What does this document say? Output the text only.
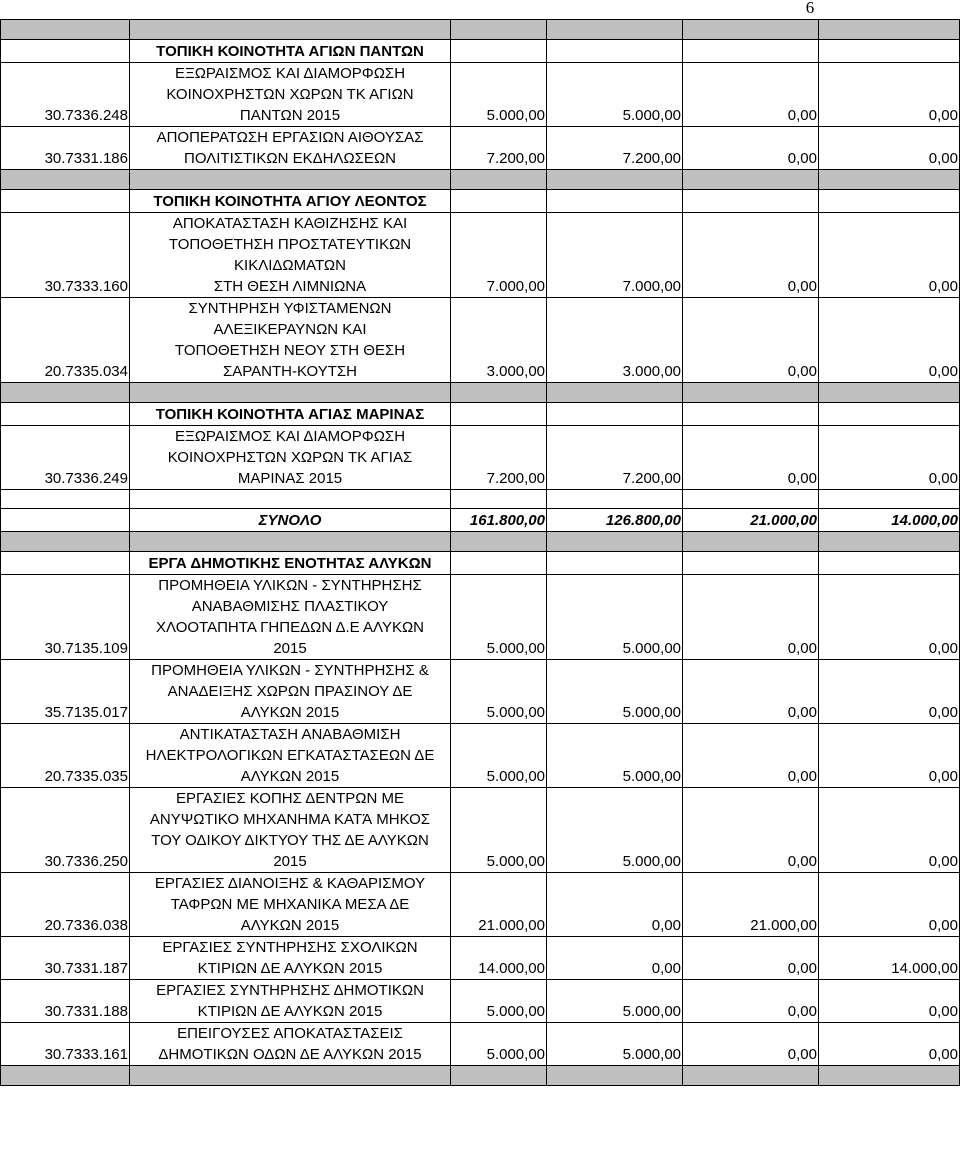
6

	ΤΟΠΙΚΗ ΚΟΙΝΟΤΗΤΑ ΑΓΙΩΝ ΠΑΝΤΩΝ				
30.7336.248	ΕΞΩΡΑΙΣΜΟΣ ΚΑΙ ΔΙΑΜΟΡΦΩΣΗ
ΚΟΙΝΟΧΡΗΣΤΩΝ ΧΩΡΩΝ ΤΚ ΑΓΙΩΝ
ΠΑΝΤΩΝ 2015	5.000,00	5.000,00	0,00	0,00
30.7331.186	ΑΠΟΠΕΡΑΤΩΣΗ ΕΡΓΑΣΙΩΝ ΑΙΘΟΥΣΑΣ
ΠΟΛΙΤΙΣΤΙΚΩΝ ΕΚΔΗΛΩΣΕΩΝ	7.200,00	7.200,00	0,00	0,00

	ΤΟΠΙΚΗ ΚΟΙΝΟΤΗΤΑ ΑΓΙΟΥ ΛΕΟΝΤΟΣ				
30.7333.160	ΑΠΟΚΑΤΑΣΤΑΣΗ ΚΑΘΙΖΗΣΗΣ ΚΑΙ
ΤΟΠΟΘΕΤΗΣΗ ΠΡΟΣΤΑΤΕΥΤΙΚΩΝ
ΚΙΚΛΙΔΩΜΑΤΩΝ
ΣΤΗ ΘΕΣΗ ΛΙΜΝΙΩΝΑ	7.000,00	7.000,00	0,00	0,00
20.7335.034	ΣΥΝΤΗΡΗΣΗ ΥΦΙΣΤΑΜΕΝΩΝ
ΑΛΕΞΙΚΕΡΑΥΝΩΝ ΚΑΙ
ΤΟΠΟΘΕΤΗΣΗ ΝΕΟΥ ΣΤΗ ΘΕΣΗ
ΣΑΡΑΝΤΗ-ΚΟΥΤΣΗ	3.000,00	3.000,00	0,00	0,00

	ΤΟΠΙΚΗ ΚΟΙΝΟΤΗΤΑ ΑΓΙΑΣ ΜΑΡΙΝΑΣ				
30.7336.249	ΕΞΩΡΑΙΣΜΟΣ ΚΑΙ ΔΙΑΜΟΡΦΩΣΗ
ΚΟΙΝΟΧΡΗΣΤΩΝ ΧΩΡΩΝ ΤΚ ΑΓΙΑΣ
ΜΑΡΙΝΑΣ 2015	7.200,00	7.200,00	0,00	0,00

	ΣΥΝΟΛΟ	161.800,00	126.800,00	21.000,00	14.000,00

	ΕΡΓΑ ΔΗΜΟΤΙΚΗΣ ΕΝΟΤΗΤΑΣ ΑΛΥΚΩΝ				
30.7135.109	ΠΡΟΜΗΘΕΙΑ ΥΛΙΚΩΝ - ΣΥΝΤΗΡΗΣΗΣ
ΑΝΑΒΑΘΜΙΣΗΣ ΠΛΑΣΤΙΚΟΥ
ΧΛΟΟΤΑΠΗΤΑ ΓΗΠΕΔΩΝ Δ.Ε ΑΛΥΚΩΝ
2015	5.000,00	5.000,00	0,00	0,00
35.7135.017	ΠΡΟΜΗΘΕΙΑ ΥΛΙΚΩΝ - ΣΥΝΤΗΡΗΣΗΣ &
ΑΝΑΔΕΙΞΗΣ ΧΩΡΩΝ ΠΡΑΣΙΝΟΥ ΔΕ
ΑΛΥΚΩΝ 2015	5.000,00	5.000,00	0,00	0,00
20.7335.035	ΑΝΤΙΚΑΤΑΣΤΑΣΗ ΑΝΑΒΑΘΜΙΣΗ
ΗΛΕΚΤΡΟΛΟΓΙΚΩΝ ΕΓΚΑΤΑΣΤΑΣΕΩΝ ΔΕ
ΑΛΥΚΩΝ 2015	5.000,00	5.000,00	0,00	0,00
30.7336.250	ΕΡΓΑΣΙΕΣ ΚΟΠΗΣ ΔΕΝΤΡΩΝ ΜΕ
ΑΝΥΨΩΤΙΚΟ ΜΗΧΑΝΗΜΑ ΚΑΤΆ ΜΗΚΟΣ
ΤΟΥ ΟΔΙΚΟΥ ΔΙΚΤΥΟΥ ΤΗΣ ΔΕ ΑΛΥΚΩΝ
2015	5.000,00	5.000,00	0,00	0,00
20.7336.038	ΕΡΓΑΣΙΕΣ ΔΙΑΝΟΙΞΗΣ & ΚΑΘΑΡΙΣΜΟΥ
ΤΑΦΡΩΝ ΜΕ ΜΗΧΑΝΙΚΑ ΜΕΣΑ ΔΕ
ΑΛΥΚΩΝ 2015	21.000,00	0,00	21.000,00	0,00
30.7331.187	ΕΡΓΑΣΙΕΣ ΣΥΝΤΗΡΗΣΗΣ ΣΧΟΛΙΚΩΝ
ΚΤΙΡΙΩΝ ΔΕ ΑΛΥΚΩΝ 2015	14.000,00	0,00	0,00	14.000,00
30.7331.188	ΕΡΓΑΣΙΕΣ ΣΥΝΤΗΡΗΣΗΣ ΔΗΜΟΤΙΚΩΝ
ΚΤΙΡΙΩΝ ΔΕ ΑΛΥΚΩΝ 2015	5.000,00	5.000,00	0,00	0,00
30.7333.161	ΕΠΕΙΓΟΥΣΕΣ ΑΠΟΚΑΤΑΣΤΑΣΕΙΣ
ΔΗΜΟΤΙΚΩΝ ΟΔΩΝ ΔΕ ΑΛΥΚΩΝ 2015	5.000,00	5.000,00	0,00	0,00
